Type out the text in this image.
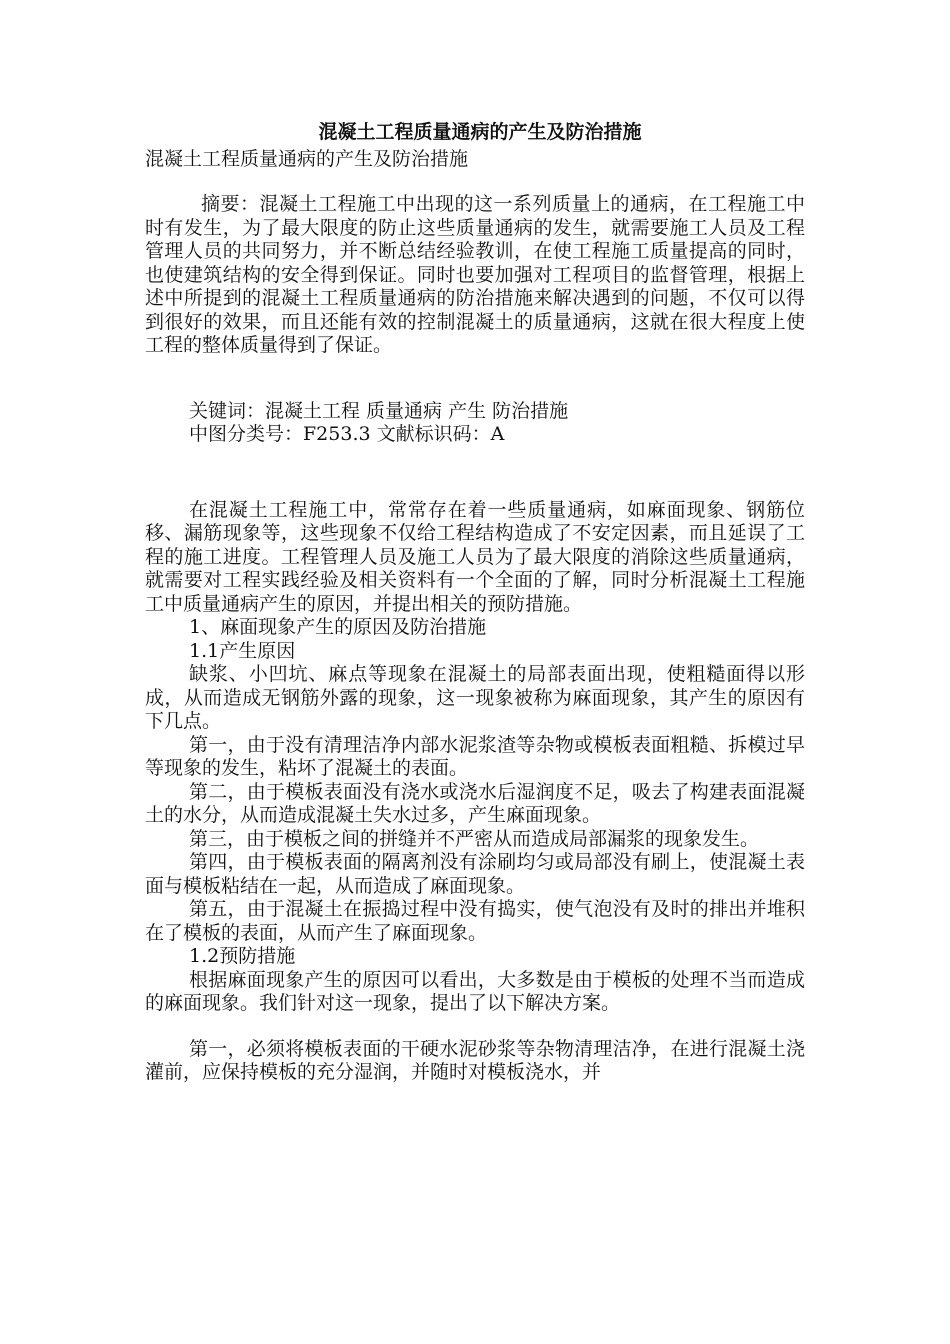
混凝土工程质量通病的产生及防治措施

混凝土工程质量通病的产生及防治措施

摘要：混凝土工程施工中出现的这一系列质量上的通病，在工程施工中时有发生，为了最大限度的防止这些质量通病的发生，就需要施工人员及工程管理人员的共同努力，并不断总结经验教训，在使工程施工质量提高的同时，也使建筑结构的安全得到保证。同时也要加强对工程项目的监督管理，根据上述中所提到的混凝土工程质量通病的防治措施来解决遇到的问题，不仅可以得到很好的效果，而且还能有效的控制混凝土的质量通病，这就在很大程度上使工程的整体质量得到了保证。

关键词：混凝土工程 质量通病 产生 防治措施

中图分类号：F253.3 文献标识码：A

在混凝土工程施工中，常常存在着一些质量通病，如麻面现象、钢筋位移、漏筋现象等，这些现象不仅给工程结构造成了不安定因素，而且延误了工程的施工进度。工程管理人员及施工人员为了最大限度的消除这些质量通病，就需要对工程实践经验及相关资料有一个全面的了解，同时分析混凝土工程施工中质量通病产生的原因，并提出相关的预防措施。

1、麻面现象产生的原因及防治措施

1.1产生原因

缺浆、小凹坑、麻点等现象在混凝土的局部表面出现，使粗糙面得以形成，从而造成无钢筋外露的现象，这一现象被称为麻面现象，其产生的原因有下几点。

第一，由于没有清理洁净内部水泥浆渣等杂物或模板表面粗糙、拆模过早等现象的发生，粘坏了混凝土的表面。

第二，由于模板表面没有浇水或浇水后湿润度不足，吸去了构建表面混凝土的水分，从而造成混凝土失水过多，产生麻面现象。

第三，由于模板之间的拼缝并不严密从而造成局部漏浆的现象发生。

第四，由于模板表面的隔离剂没有涂刷均匀或局部没有刷上，使混凝土表面与模板粘结在一起，从而造成了麻面现象。

第五，由于混凝土在振捣过程中没有捣实，使气泡没有及时的排出并堆积在了模板的表面，从而产生了麻面现象。

1.2预防措施

根据麻面现象产生的原因可以看出，大多数是由于模板的处理不当而造成的麻面现象。我们针对这一现象，提出了以下解决方案。

第一，必须将模板表面的干硬水泥砂浆等杂物清理洁净，在进行混凝土浇灌前，应保持模板的充分湿润，并随时对模板浇水，并
